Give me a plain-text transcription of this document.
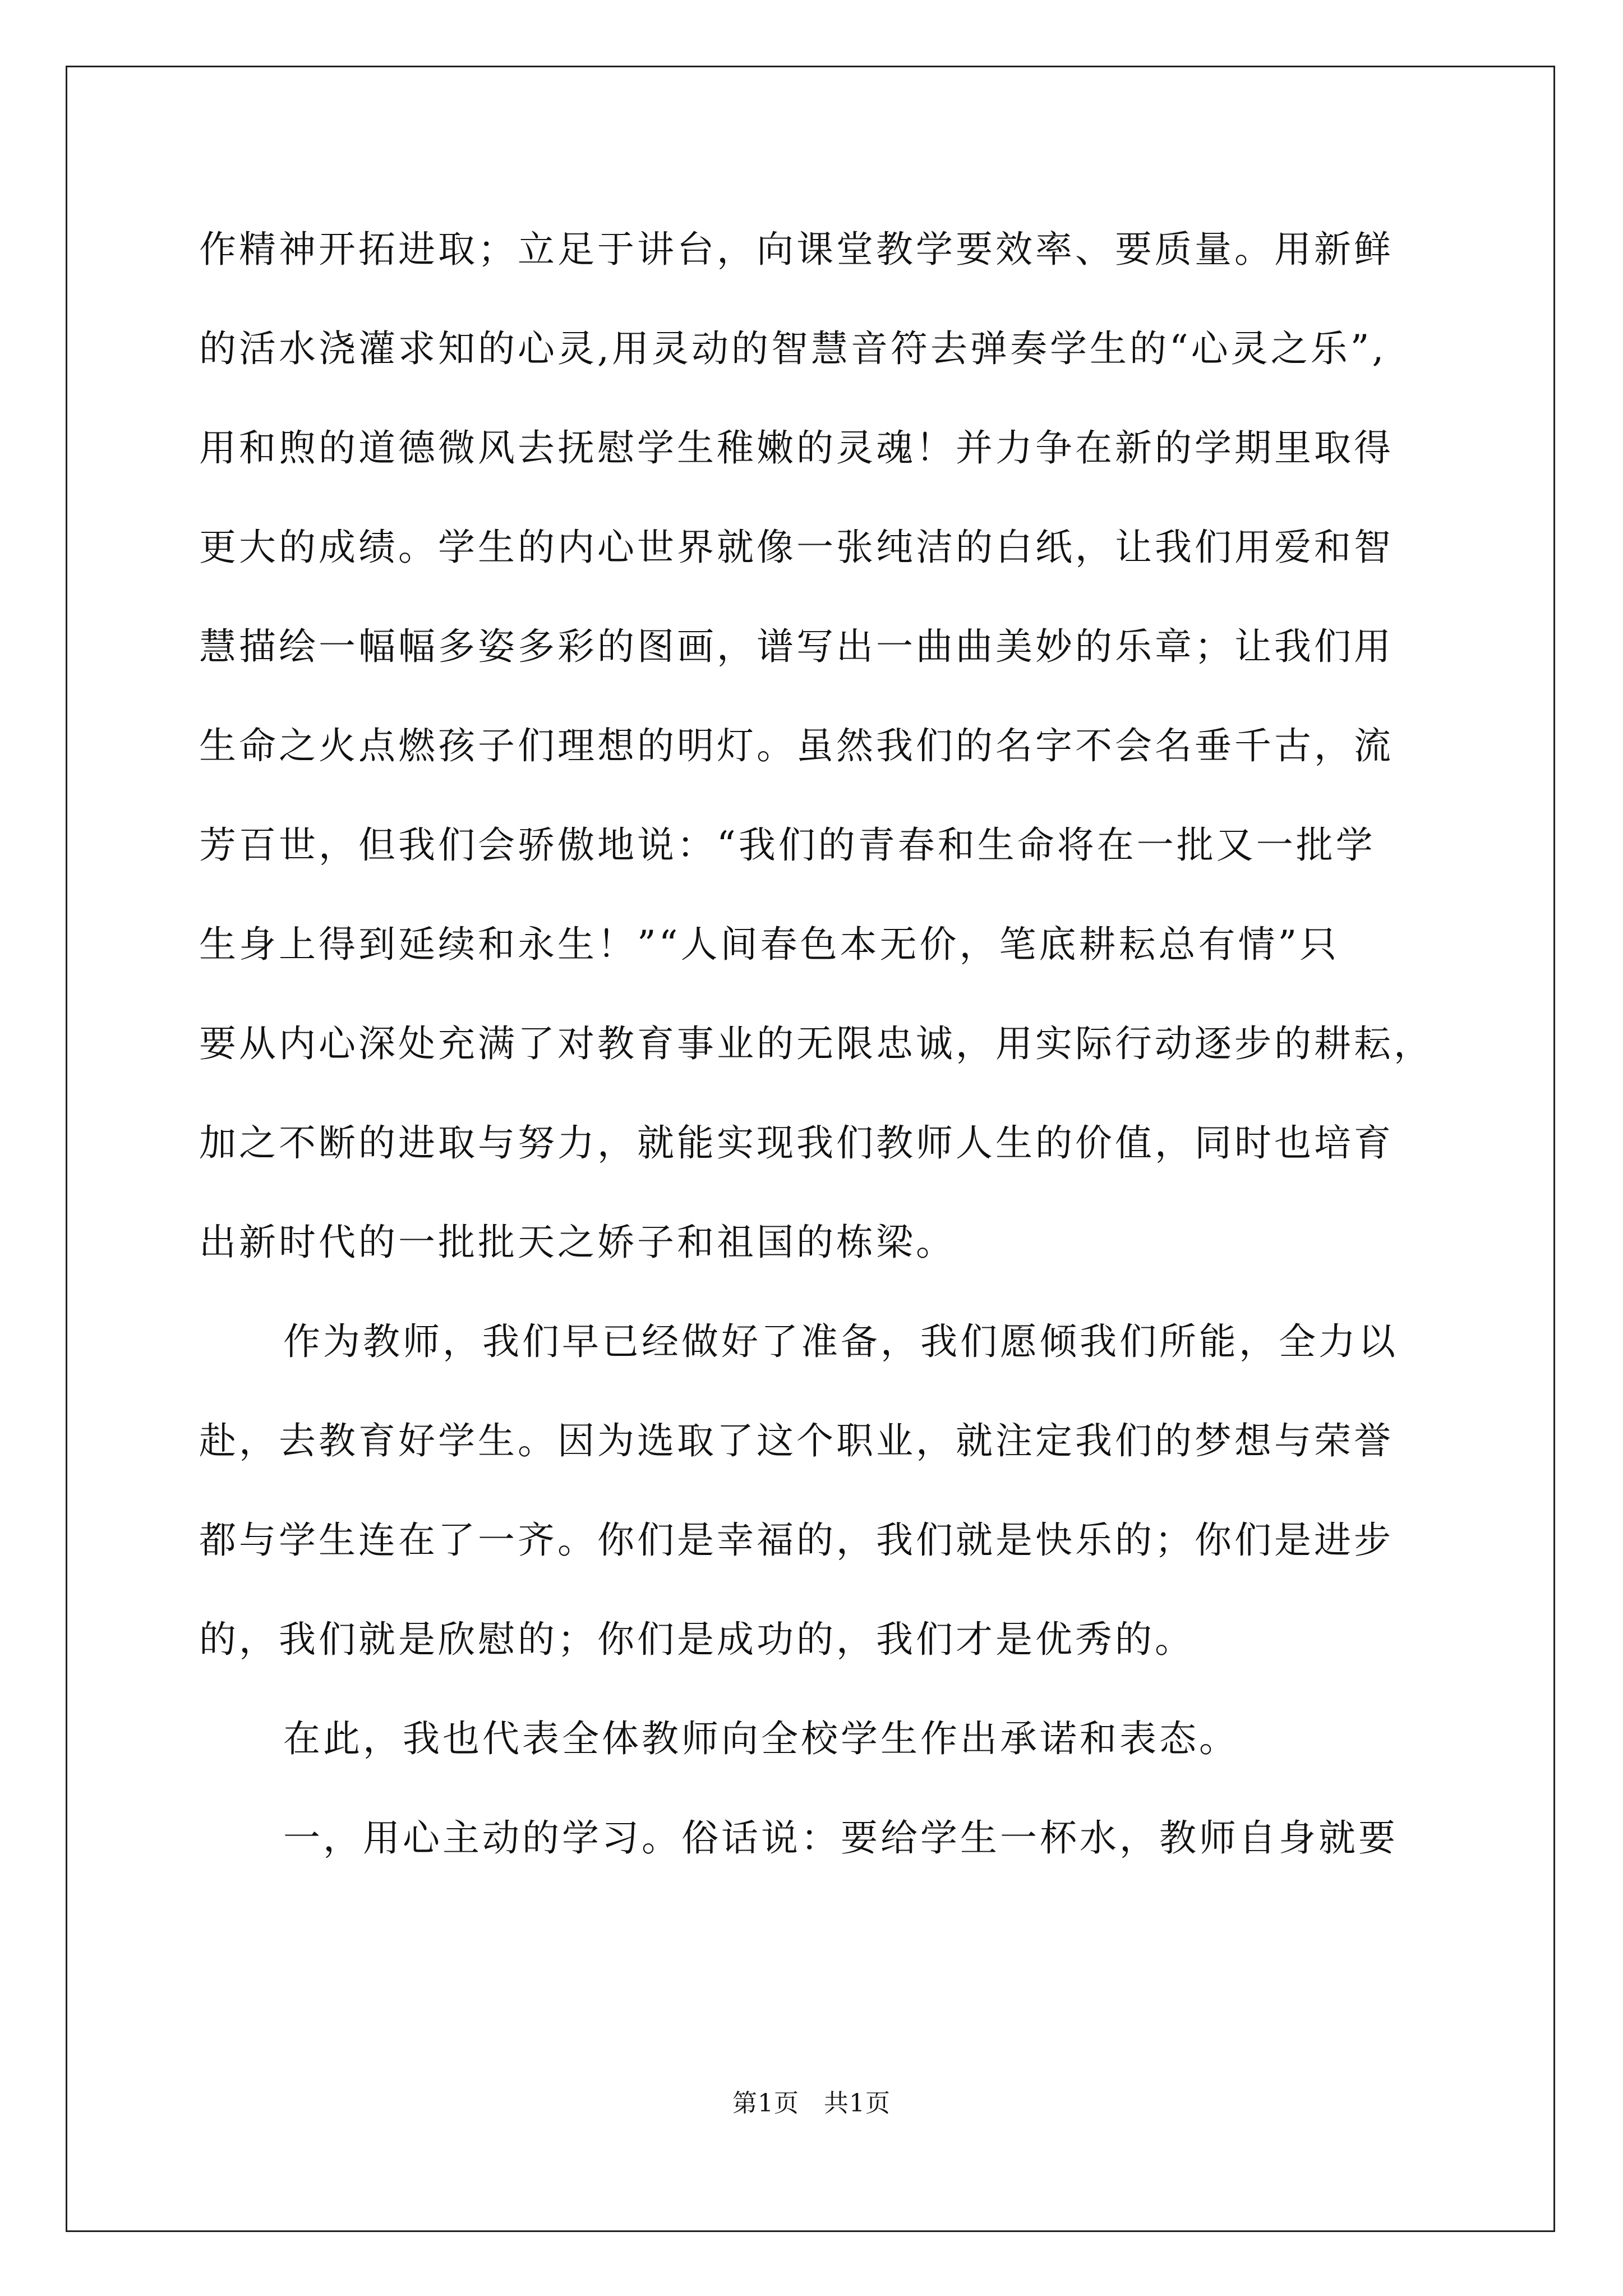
作精神开拓进取；立足于讲台，向课堂教学要效率、要质量。用新鲜
的活水浇灌求知的心灵,用灵动的智慧音符去弹奏学生的“心灵之乐”,
用和煦的道德微风去抚慰学生稚嫩的灵魂！并力争在新的学期里取得
更大的成绩。学生的内心世界就像一张纯洁的白纸，让我们用爱和智
慧描绘一幅幅多姿多彩的图画，谱写出一曲曲美妙的乐章；让我们用
生命之火点燃孩子们理想的明灯。虽然我们的名字不会名垂千古，流
芳百世，但我们会骄傲地说：“我们的青春和生命将在一批又一批学
生身上得到延续和永生！”“人间春色本无价，笔底耕耘总有情”只
要从内心深处充满了对教育事业的无限忠诚，用实际行动逐步的耕耘，
加之不断的进取与努力，就能实现我们教师人生的价值，同时也培育
出新时代的一批批天之娇子和祖国的栋梁。
作为教师，我们早已经做好了准备，我们愿倾我们所能，全力以
赴，去教育好学生。因为选取了这个职业，就注定我们的梦想与荣誉
都与学生连在了一齐。你们是幸福的，我们就是快乐的；你们是进步
的，我们就是欣慰的；你们是成功的，我们才是优秀的。
在此，我也代表全体教师向全校学生作出承诺和表态。
一，用心主动的学习。俗话说：要给学生一杯水，教师自身就要
第1页 共1页
